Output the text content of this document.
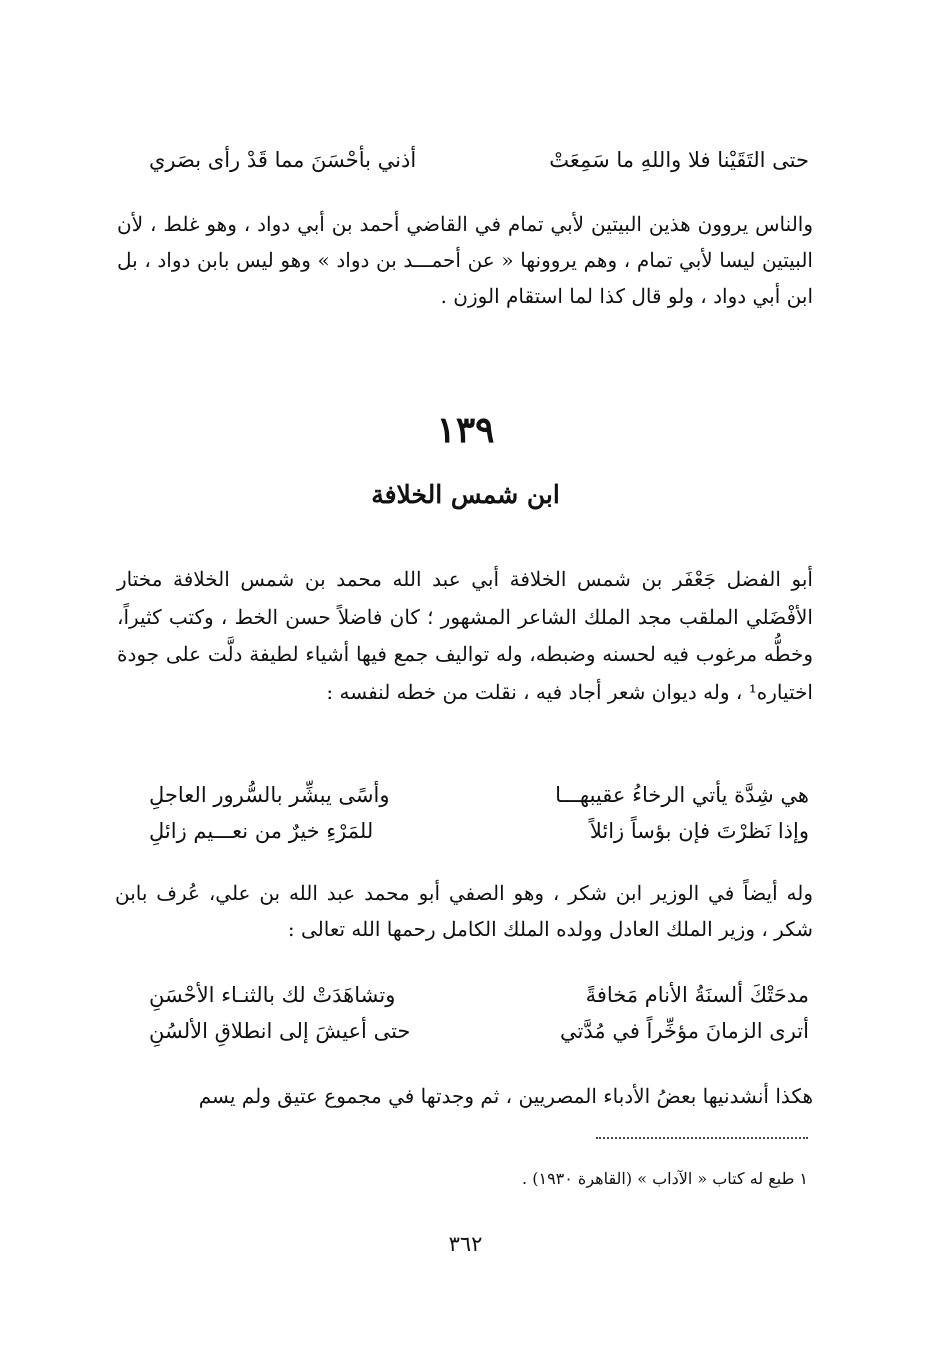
حتى التَقَيْنا فلا واللهِ ما سَمِعَتْ
أذني بأحْسَنَ مما قَدْ رأى بصَري

والناس يروون هذين البيتين لأبي تمام في القاضي أحمد بن أبي دواد ، وهو غلط ، لأن البيتين ليسا لأبي تمام ، وهم يروونها « عن أحمـــد بن دواد » وهو ليس بابن دواد ، بل ابن أبي دواد ، ولو قال كذا لما استقام الوزن .

١٣٩
ابن شمس الخلافة

أبو الفضل جَعْفَر بن شمس الخلافة أبي عبد الله محمد بن شمس الخلافة مختار الأفْضَلي الملقب مجد الملك الشاعر المشهور ؛ كان فاضلاً حسن الخط ، وكتب كثيراً، وخطُّه مرغوب فيه لحسنه وضبطه، وله تواليف جمع فيها أشياء لطيفة دلَّت على جودة اختياره¹ ، وله ديوان شعر أجاد فيه ، نقلت من خطه لنفسه :

هي شِدَّة يأتي الرخاءُ عقيبهـــا
وأسًى يبشِّر بالسُّرور العاجلِ
وإذا نَظرْتَ فإن بؤساً زائلاً
للمَرْءِ خيرٌ من نعـــيم زائلِ

وله أيضاً في الوزير ابن شكر ، وهو الصفي أبو محمد عبد الله بن علي، عُرف بابن شكر ، وزير الملك العادل وولده الملك الكامل رحمها الله تعالى :

مدحَتْكَ ألسنَةُ الأنام مَخافةً
وتشاهَدَتْ لك بالثنـاء الأحْسَنِ
أترى الزمانَ مؤخِّراً في مُدَّتي
حتى أعيشَ إلى انطلاقِ الألسُنِ

هكذا أنشدنيها بعضُ الأدباء المصريين ، ثم وجدتها في مجموع عتيق ولم يسم

١ طبع له كتاب « الآداب » (القاهرة ١٩٣٠) .
٣٦٢
